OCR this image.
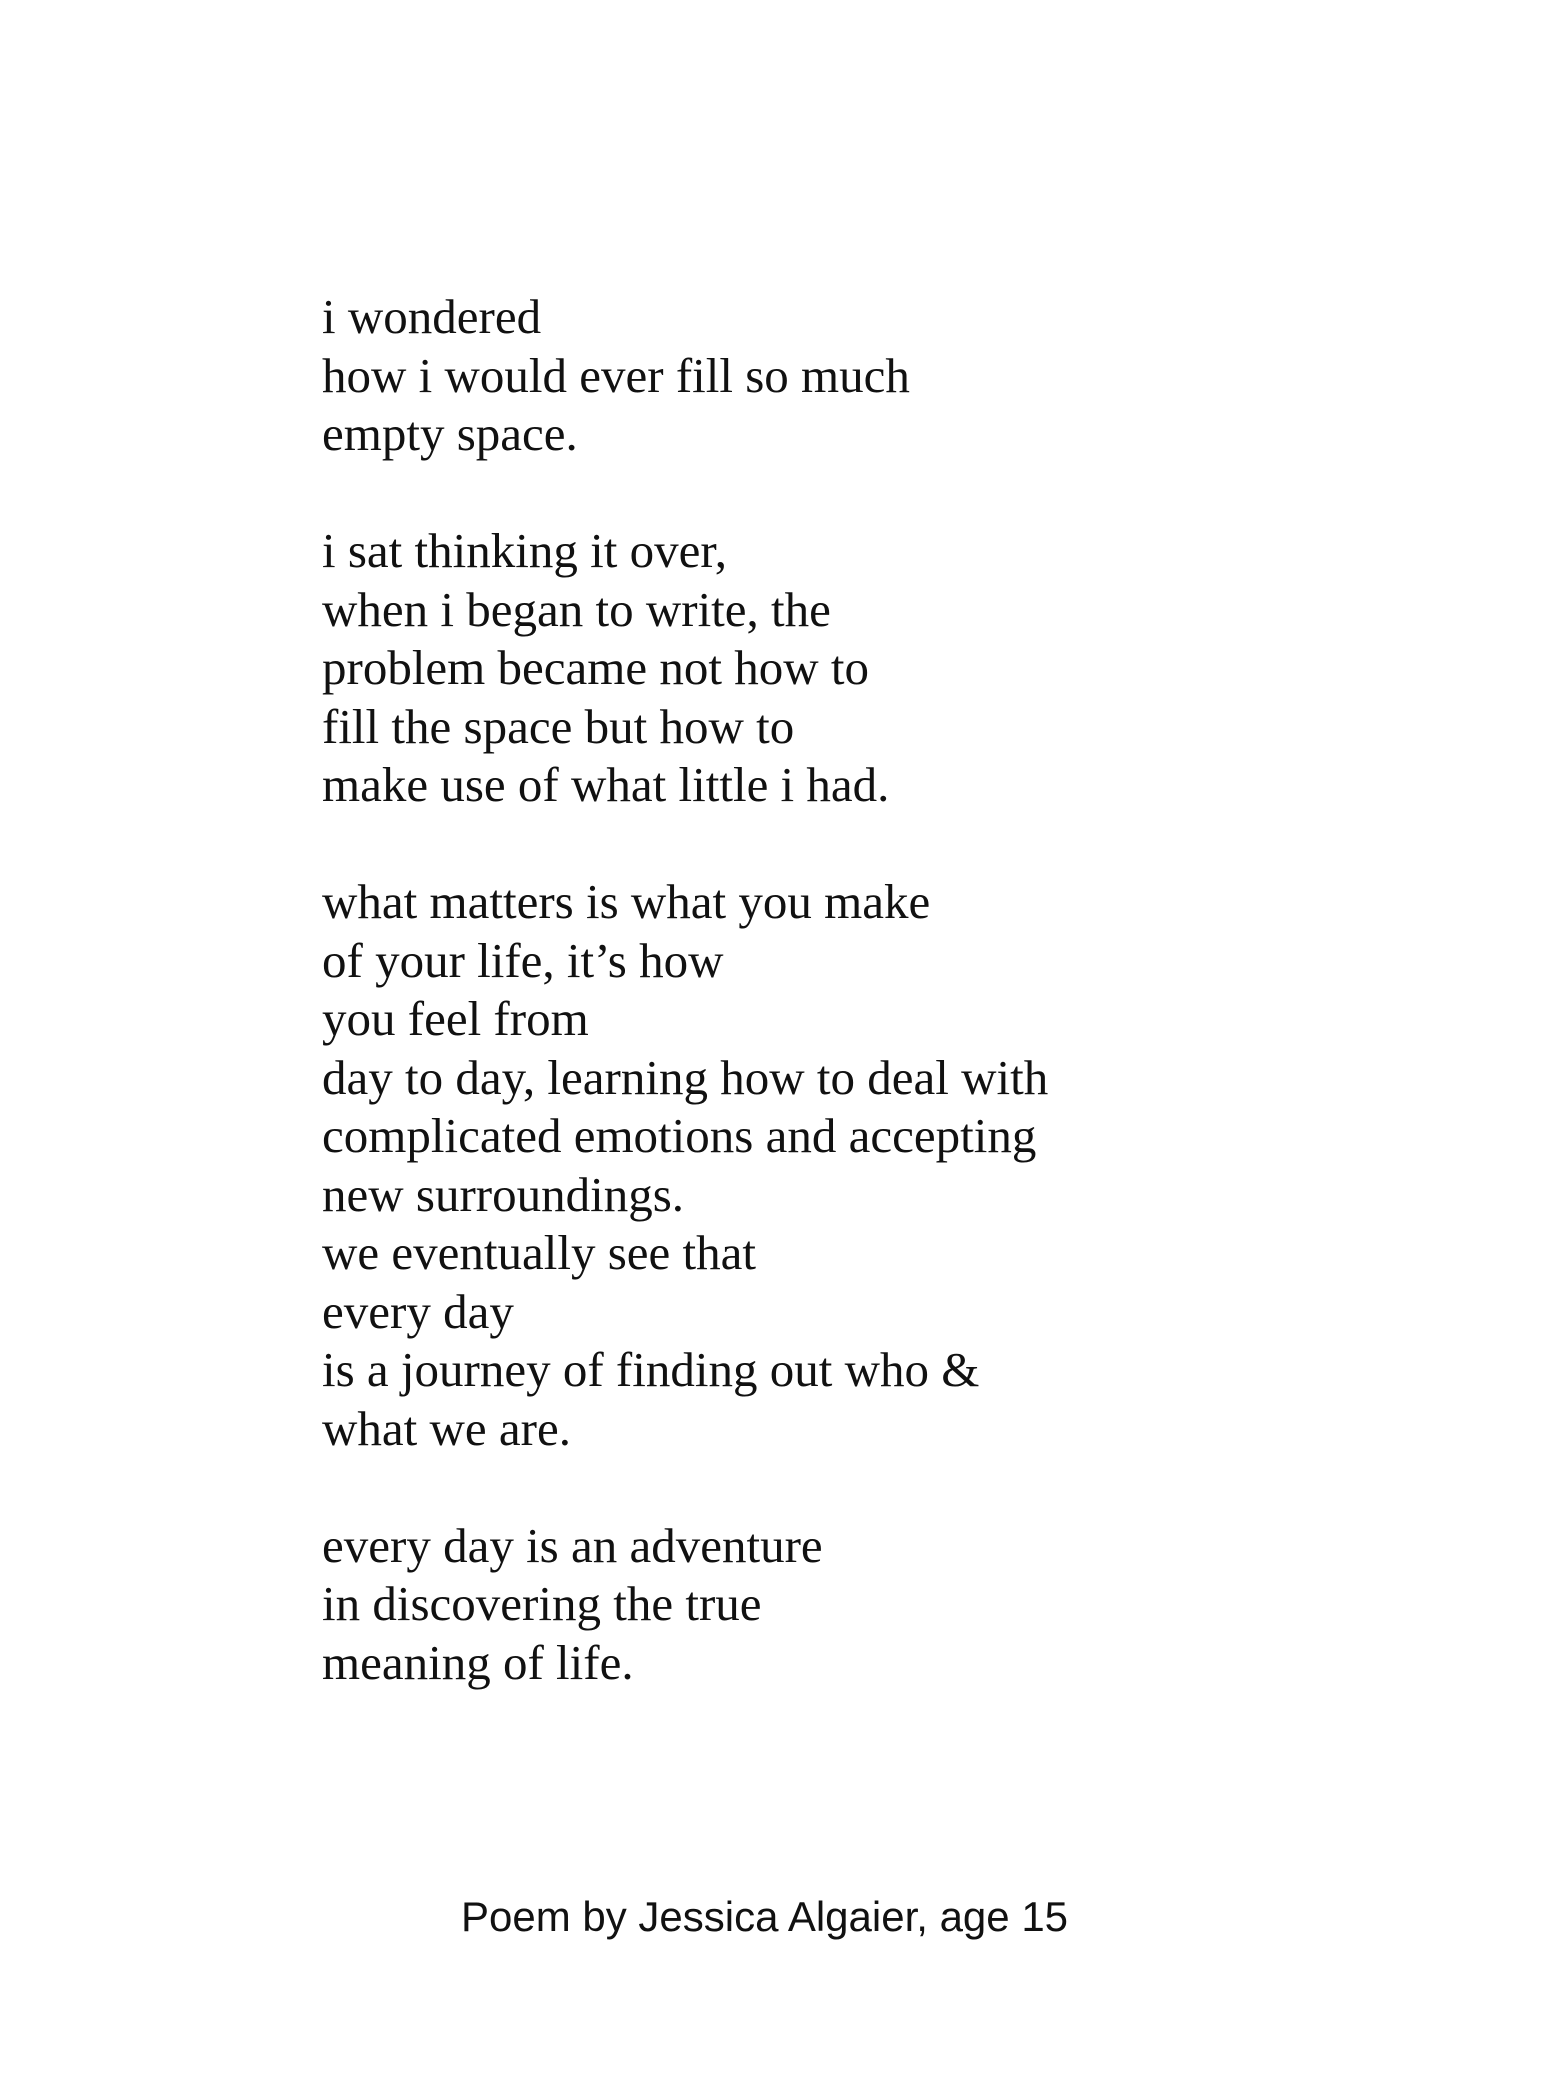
i wondered
how i would ever fill so much
empty space.
i sat thinking it over,
when i began to write, the
problem became not how to
fill the space but how to
make use of what little i had.
what matters is what you make
of your life, it’s how
you feel from
day to day, learning how to deal with
complicated emotions and accepting
new surroundings.
we eventually see that
every day
is a journey of finding out who &
what we are.
every day is an adventure
in discovering the true
meaning of life.
Poem by Jessica Algaier, age 15
